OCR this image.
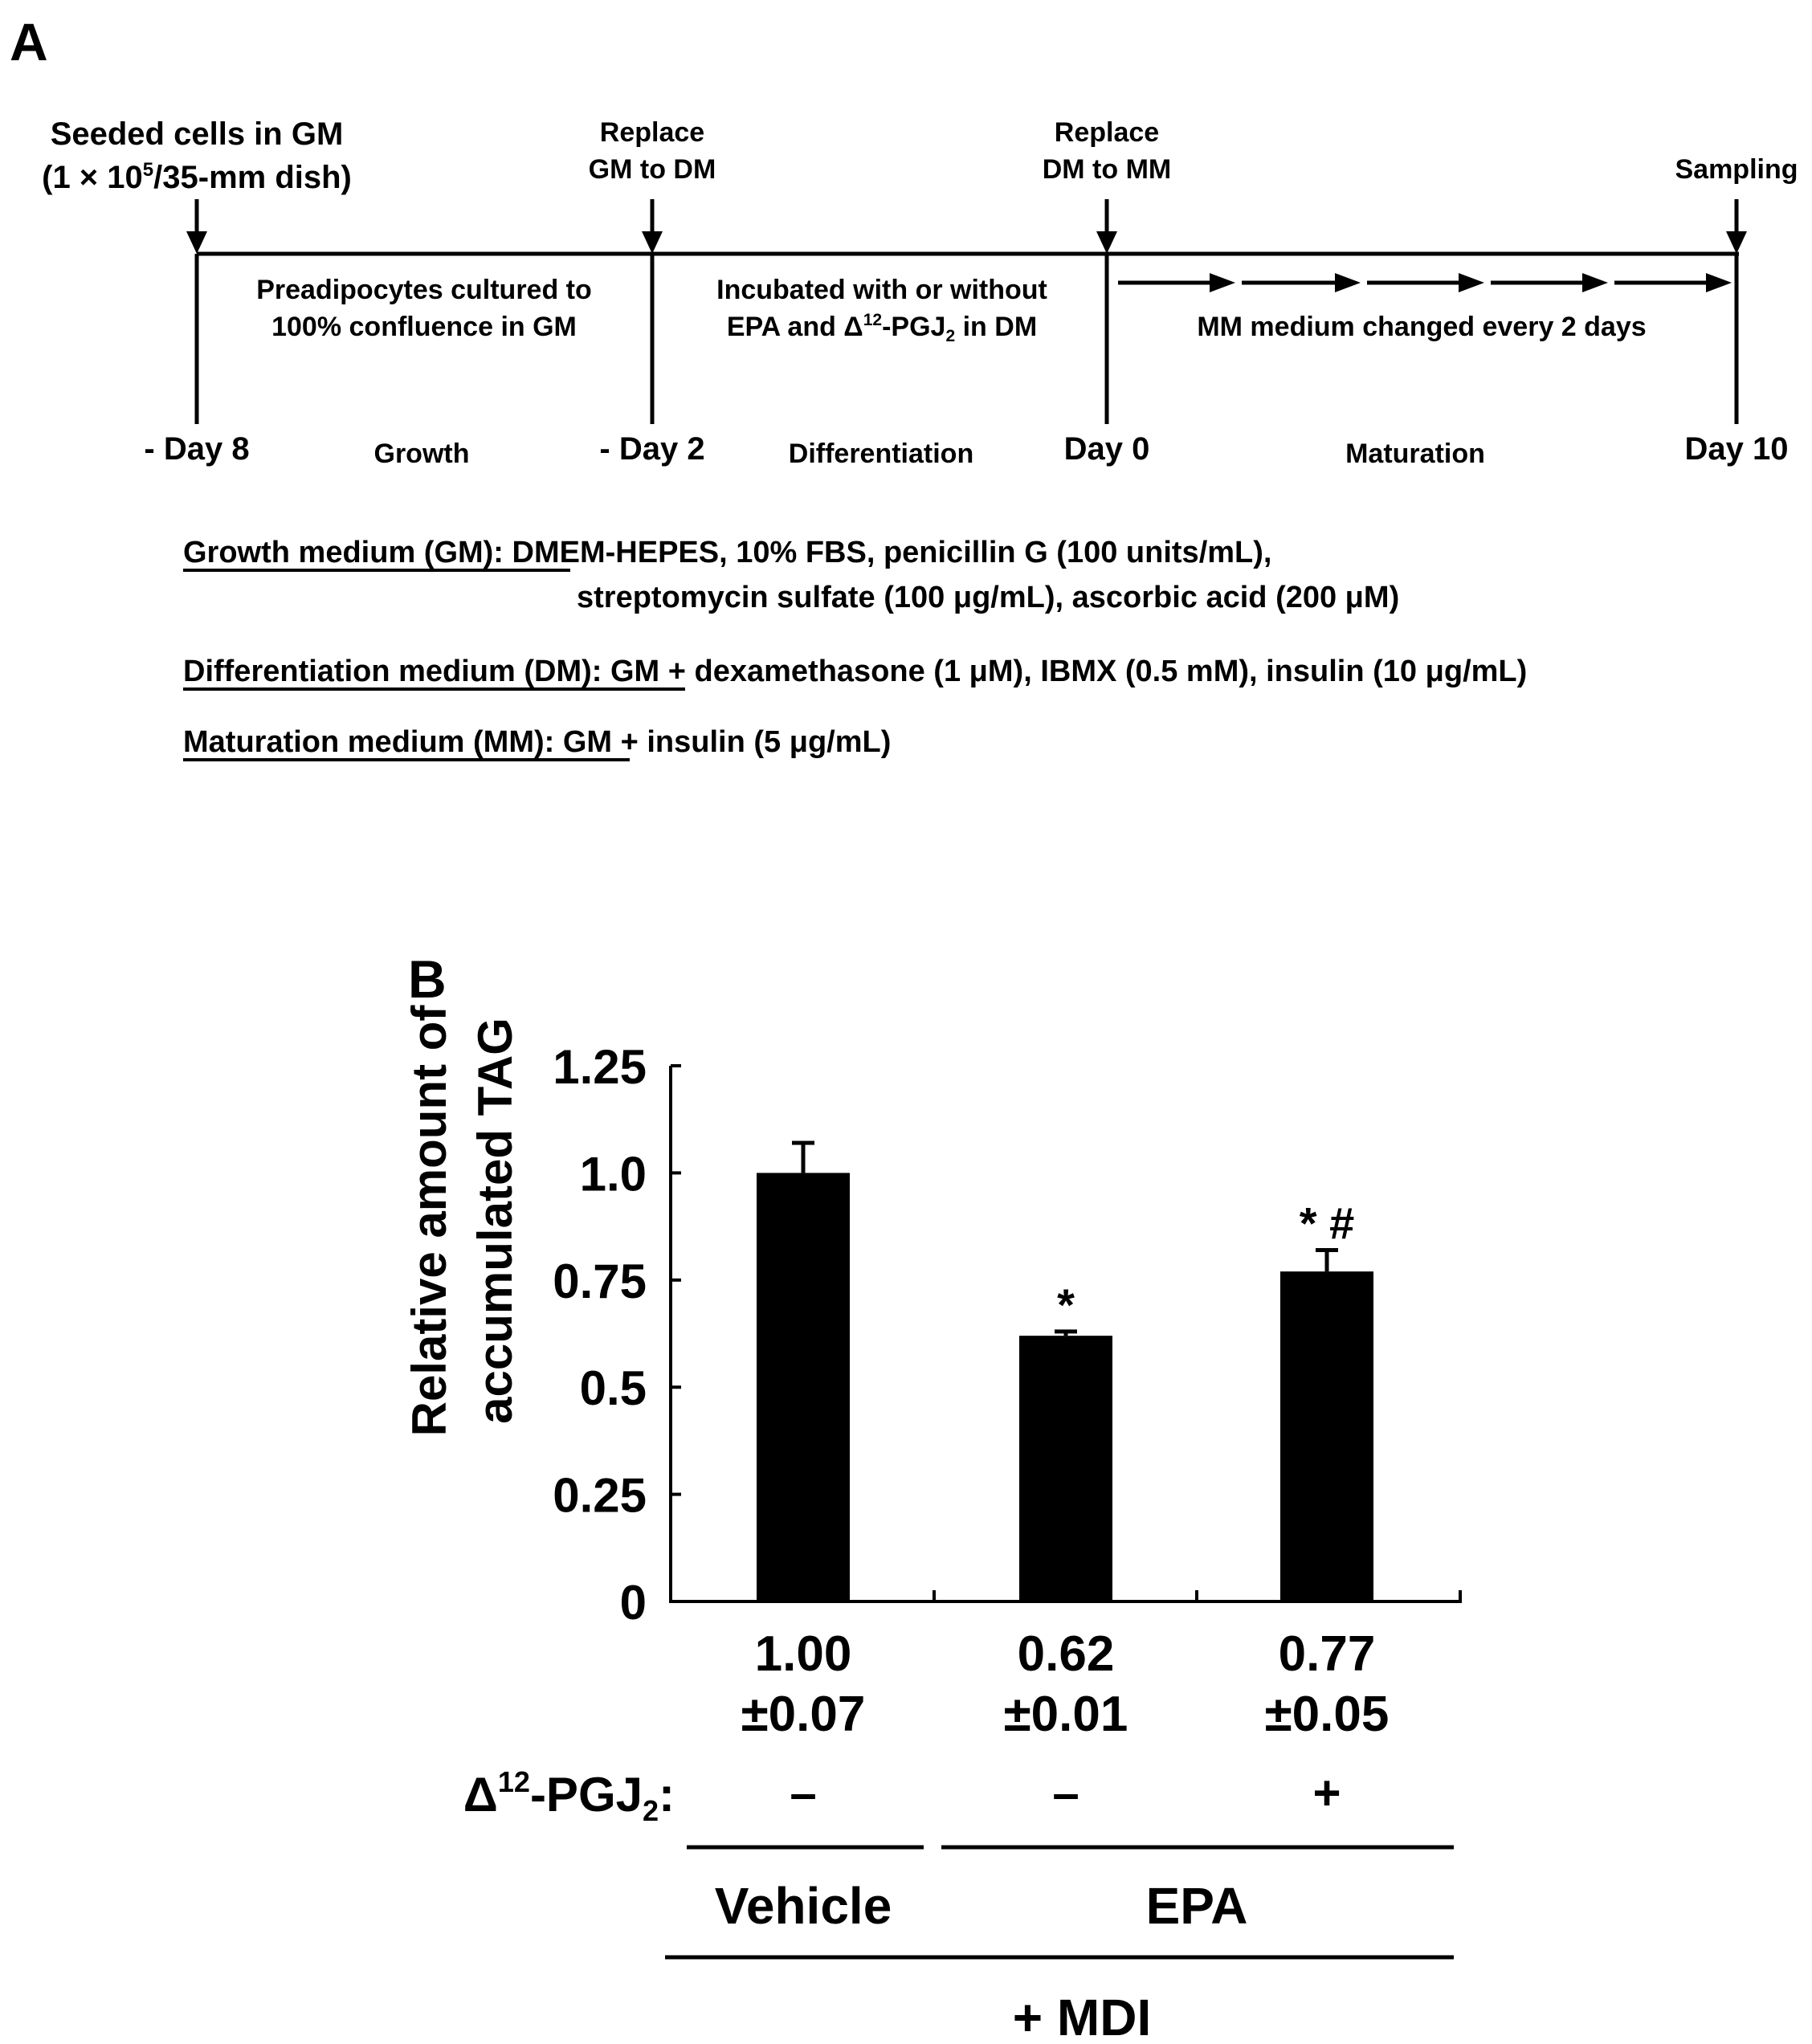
A
Seeded cells in GM
($1 \times 10^5/35-mm$ dish)
Replace
GM to DM
Replace
DM to MM	Sampling
Preadipocytes cultured to
100% confluence in GM
Incubated with or without
EPA and $\Delta^{12}-PGJ_2$ in DM	MM medium changed every 2 days
- Day 8	- Day 2	Day 0	Day 10
Growth	Differentiation	Maturation
Growth medium (GM): DMEM-HEPES, 10% FBS, penicillin G (100 units/mL),
streptomycin sulfate (100 μg/mL), ascorbic acid (200 μM)
Differentiation medium (DM): GM + dexamethasone (1 μM), IBMX (0.5 mM), insulin (10 μg/mL)
Maturation medium (MM): GM + insulin (5 μg/mL)
B
Relative amount of accumulated TAG
0
0.25
0.5
0.75
1.0
1.25
*
* #
1.00
±0.07
0.62
±0.01
0.77
±0.05
–	–	+
$\Delta^{12}-PGJ_2$:
Vehicle	EPA
+ MDI
